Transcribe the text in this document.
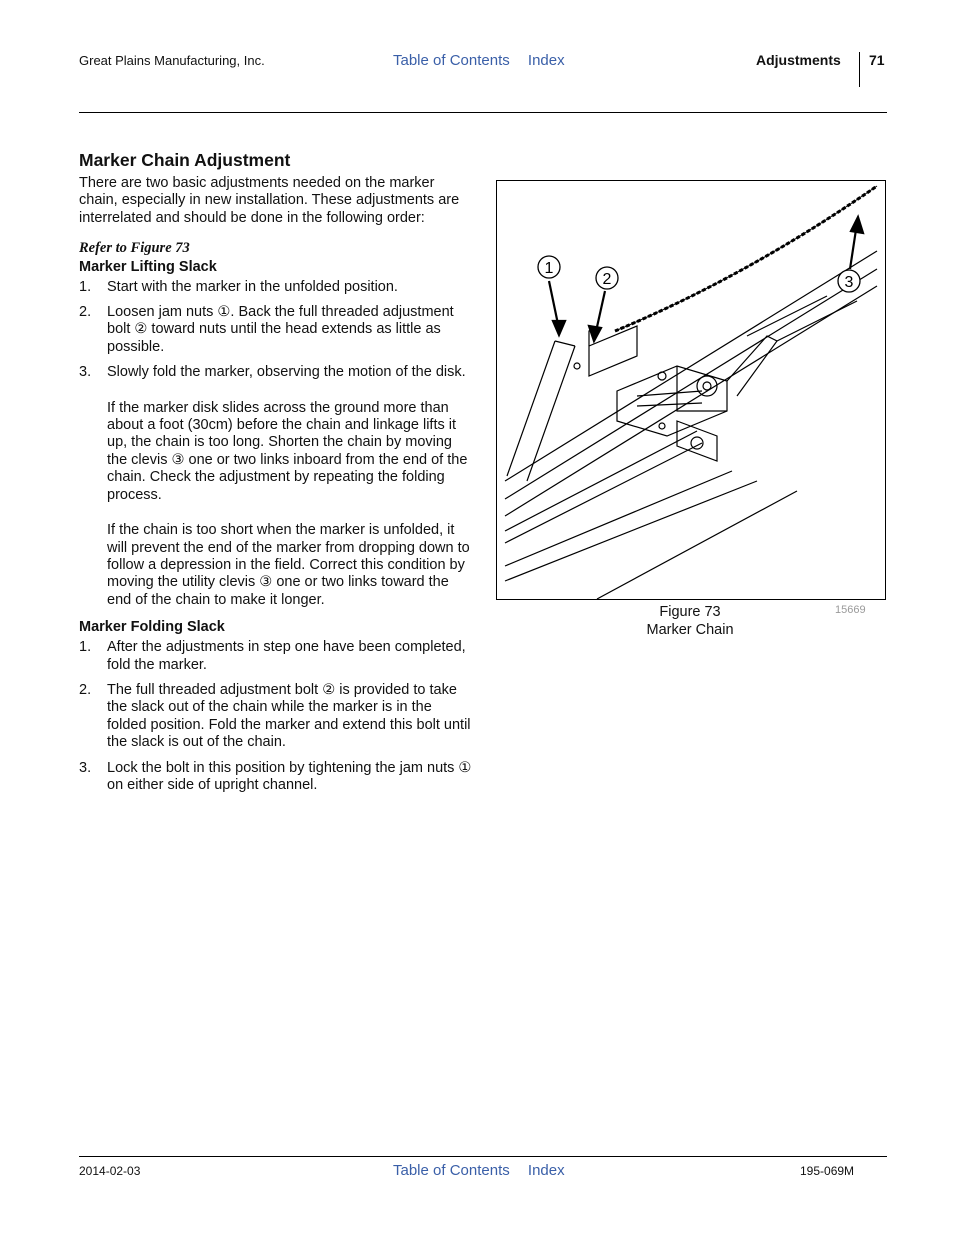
Great Plains Manufacturing, Inc.	Table of Contents Index	Adjustments 71
Marker Chain Adjustment

There are two basic adjustments needed on the marker chain, especially in new installation. These adjustments are interrelated and should be done in the following order:

Refer to Figure 73

Marker Lifting Slack
1. Start with the marker in the unfolded position.
2. Loosen jam nuts ①. Back the full threaded adjustment bolt ② toward nuts until the head extends as little as possible.
3. Slowly fold the marker, observing the motion of the disk.

If the marker disk slides across the ground more than about a foot (30cm) before the chain and linkage lifts it up, the chain is too long. Shorten the chain by moving the clevis ③ one or two links inboard from the end of the chain. Check the adjustment by repeating the folding process.

If the chain is too short when the marker is unfolded, it will prevent the end of the marker from dropping down to follow a depression in the field. Correct this condition by moving the utility clevis ③ one or two links toward the end of the chain to make it longer.

Marker Folding Slack
1. After the adjustments in step one have been completed, fold the marker.
2. The full threaded adjustment bolt ② is provided to take the slack out of the chain while the marker is in the folded position. Fold the marker and extend this bolt until the slack is out of the chain.
3. Lock the bolt in this position by tightening the jam nuts ① on either side of upright channel.
1
2	3
Figure 73
Marker Chain
15669
2014-02-03	Table of Contents Index	195-069M
